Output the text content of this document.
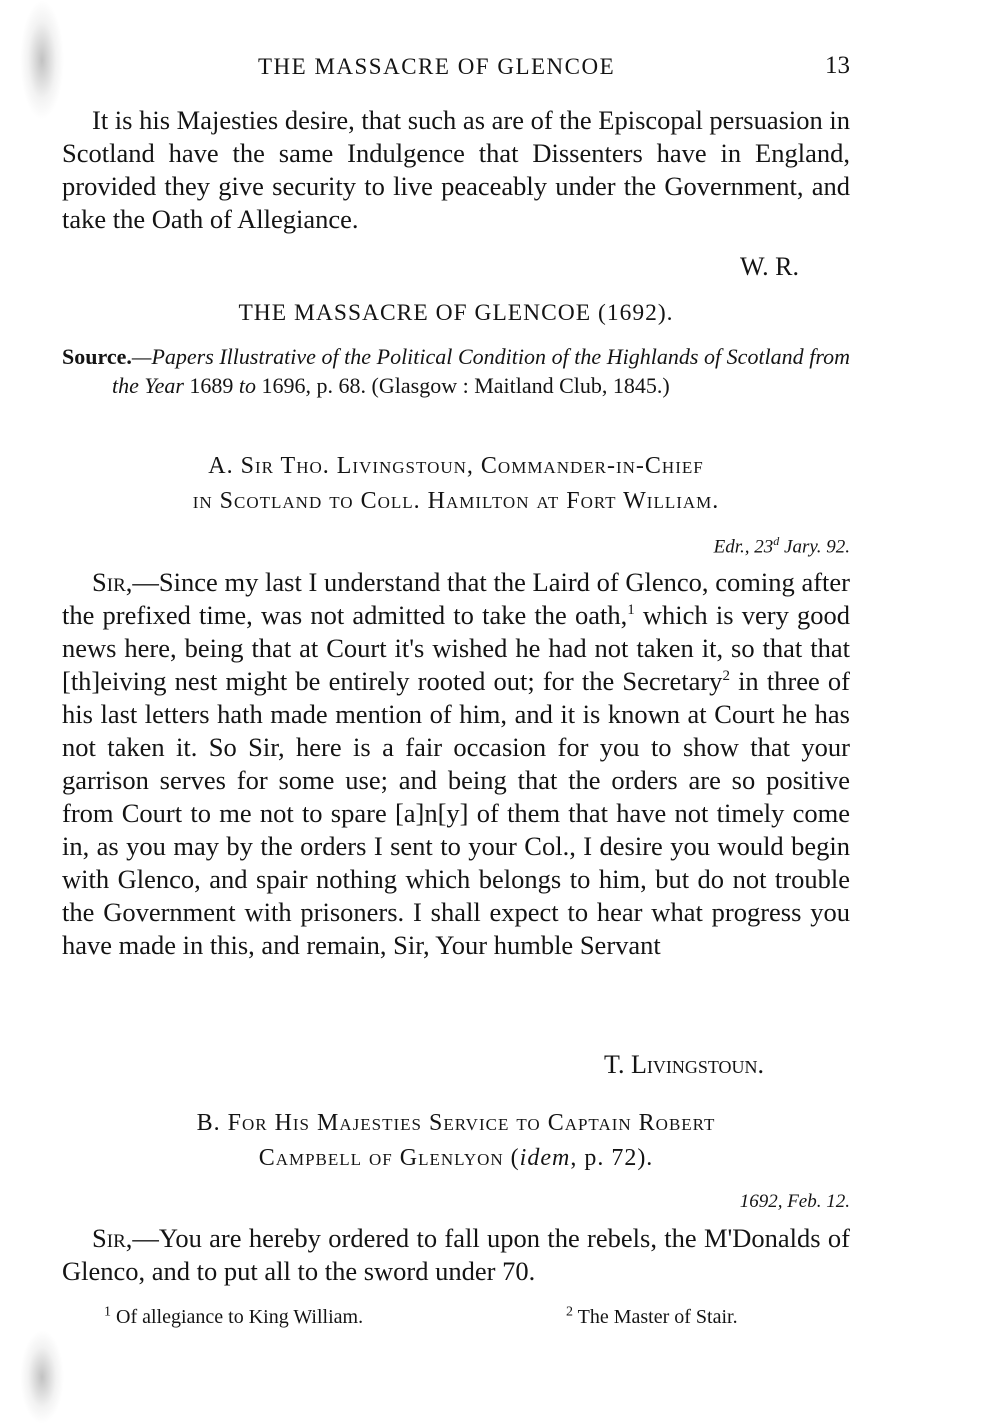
THE MASSACRE OF GLENCOE	13
It is his Majesties desire, that such as are of the Episcopal persuasion in Scotland have the same Indulgence that Dissenters have in England, provided they give security to live peaceably under the Government, and take the Oath of Allegiance.
W. R.
THE MASSACRE OF GLENCOE (1692).
Source.—Papers Illustrative of the Political Condition of the Highlands of Scotland from the Year 1689 to 1696, p. 68. (Glasgow : Maitland Club, 1845.)
A. Sir Tho. Livingstoun, Commander-in-Chief
in Scotland to Coll. Hamilton at Fort William.
Edr., 23$^d$ Jary. 92.
Sir,—Since my last I understand that the Laird of Glenco, coming after the prefixed time, was not admitted to take the oath,$^1$ which is very good news here, being that at Court it's wished he had not taken it, so that that [th]eiving nest might be entirely rooted out; for the Secretary$^2$ in three of his last letters hath made mention of him, and it is known at Court he has not taken it. So Sir, here is a fair occasion for you to show that your garrison serves for some use; and being that the orders are so positive from Court to me not to spare [a]n[y] of them that have not timely come in, as you may by the orders I sent to your Col., I desire you would begin with Glenco, and spair nothing which belongs to him, but do not trouble the Government with prisoners. I shall expect to hear what progress you have made in this, and remain, Sir, Your humble Servant
T. Livingstoun.
B. For His Majesties Service to Captain Robert
Campbell of Glenlyon (idem, p. 72).
1692, Feb. 12.
Sir,—You are hereby ordered to fall upon the rebels, the M'Donalds of Glenco, and to put all to the sword under 70.
$^1$ Of allegiance to King William.	$^2$ The Master of Stair.
